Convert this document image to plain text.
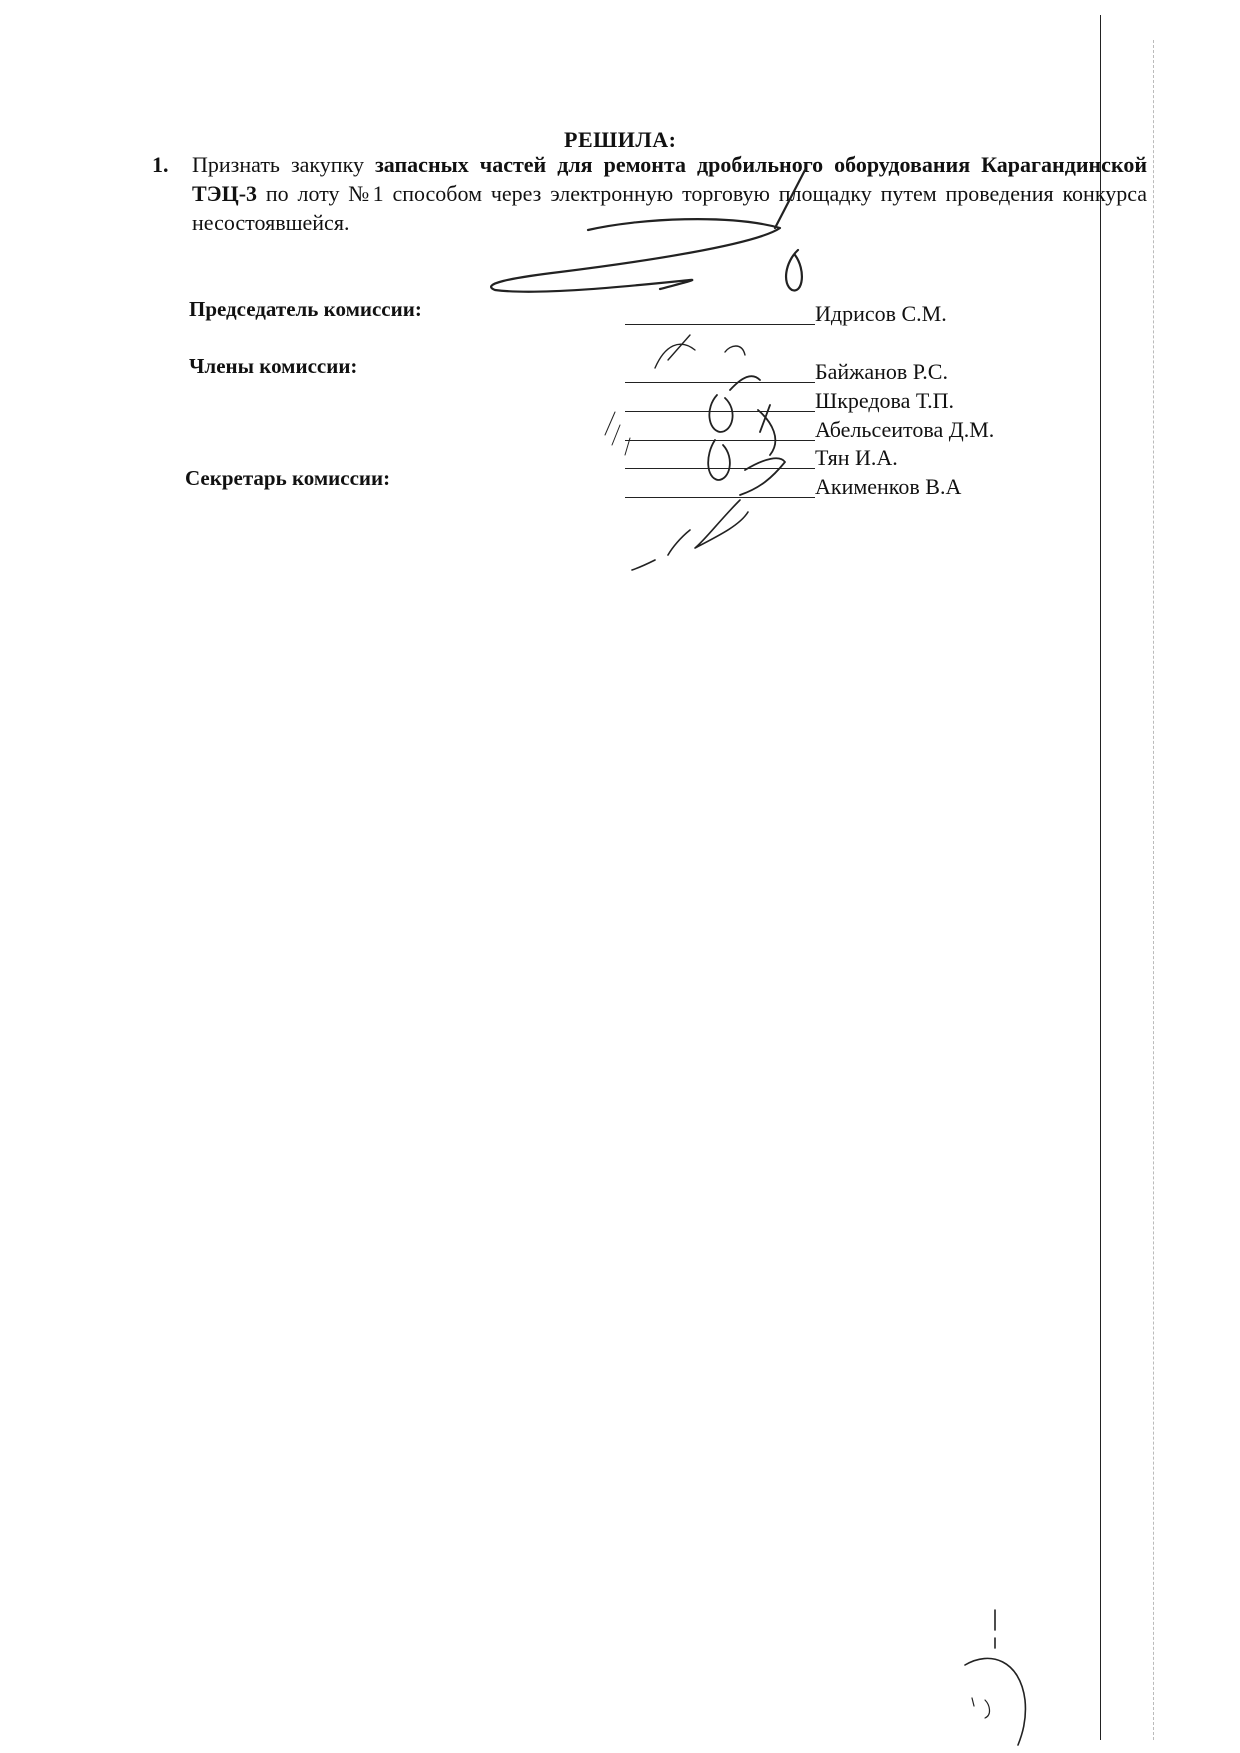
РЕШИЛА:
1. Признать закупку запасных частей для ремонта дробильного оборудования Карагандинской ТЭЦ-3 по лоту №1 способом через электронную торговую площадку путем проведения конкурса несостоявшейся.
Председатель комиссии:
Члены комиссии:
Секретарь комиссии:
Идрисов С.М.
Байжанов Р.С.
Шкредова Т.П.
Абельсеитова Д.М.
Тян И.А.
Акименков В.А
